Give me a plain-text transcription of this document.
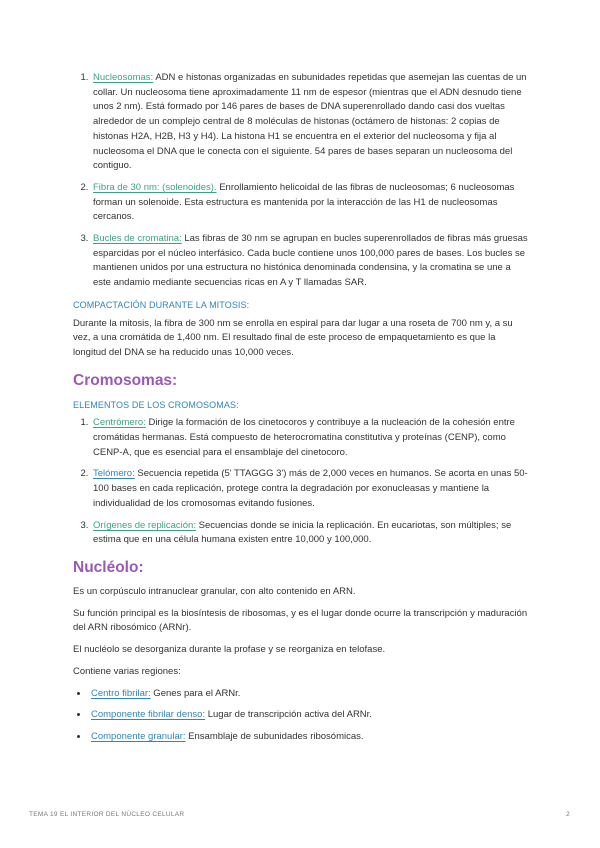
1. Nucleosomas: ADN e histonas organizadas en subunidades repetidas que asemejan las cuentas de un collar. Un nucleosoma tiene aproximadamente 11 nm de espesor (mientras que el ADN desnudo tiene unos 2 nm). Está formado por 146 pares de bases de DNA superenrollado dando casi dos vueltas alrededor de un complejo central de 8 moléculas de histonas (octámero de histonas: 2 copias de histonas H2A, H2B, H3 y H4). La histona H1 se encuentra en el exterior del nucleosoma y fija al nucleosoma el DNA que le conecta con el siguiente. 54 pares de bases separan un nucleosoma del contiguo.
2. Fibra de 30 nm: (solenoides). Enrollamiento helicoidal de las fibras de nucleosomas; 6 nucleosomas forman un solenoide. Esta estructura es mantenida por la interacción de las H1 de nucleosomas cercanos.
3. Bucles de cromatina: Las fibras de 30 nm se agrupan en bucles superenrollados de fibras más gruesas esparcidas por el núcleo interfásico. Cada bucle contiene unos 100,000 pares de bases. Los bucles se mantienen unidos por una estructura no histónica denominada condensina, y la cromatina se une a este andamio mediante secuencias ricas en A y T llamadas SAR.
COMPACTACIÓN DURANTE LA MITOSIS:

Durante la mitosis, la fibra de 300 nm se enrolla en espiral para dar lugar a una roseta de 700 nm y, a su vez, a una cromátida de 1,400 nm. El resultado final de este proceso de empaquetamiento es que la longitud del DNA se ha reducido unas 10,000 veces.

Cromosomas:
ELEMENTOS DE LOS CROMOSOMAS:
1. Centrómero: Dirige la formación de los cinetocoros y contribuye a la nucleación de la cohesión entre cromátidas hermanas. Está compuesto de heterocromatina constitutiva y proteínas (CENP), como CENP-A, que es esencial para el ensamblaje del cinetocoro.
2. Telómero: Secuencia repetida (5' TTAGGG 3') más de 2,000 veces en humanos. Se acorta en unas 50-100 bases en cada replicación, protege contra la degradación por exonucleasas y mantiene la individualidad de los cromosomas evitando fusiones.
3. Orígenes de replicación: Secuencias donde se inicia la replicación. En eucariotas, son múltiples; se estima que en una célula humana existen entre 10,000 y 100,000.
Nucléolo:

Es un corpúsculo intranuclear granular, con alto contenido en ARN.

Su función principal es la biosíntesis de ribosomas, y es el lugar donde ocurre la transcripción y maduración del ARN ribosómico (ARNr).

El nucléolo se desorganiza durante la profase y se reorganiza en telofase.

Contiene varias regiones:

• Centro fibrilar: Genes para el ARNr.
• Componente fibrilar denso: Lugar de transcripción activa del ARNr.
• Componente granular: Ensamblaje de subunidades ribosómicas.
TEMA 19 EL INTERIOR DEL NÚCLEO CELULAR	2
